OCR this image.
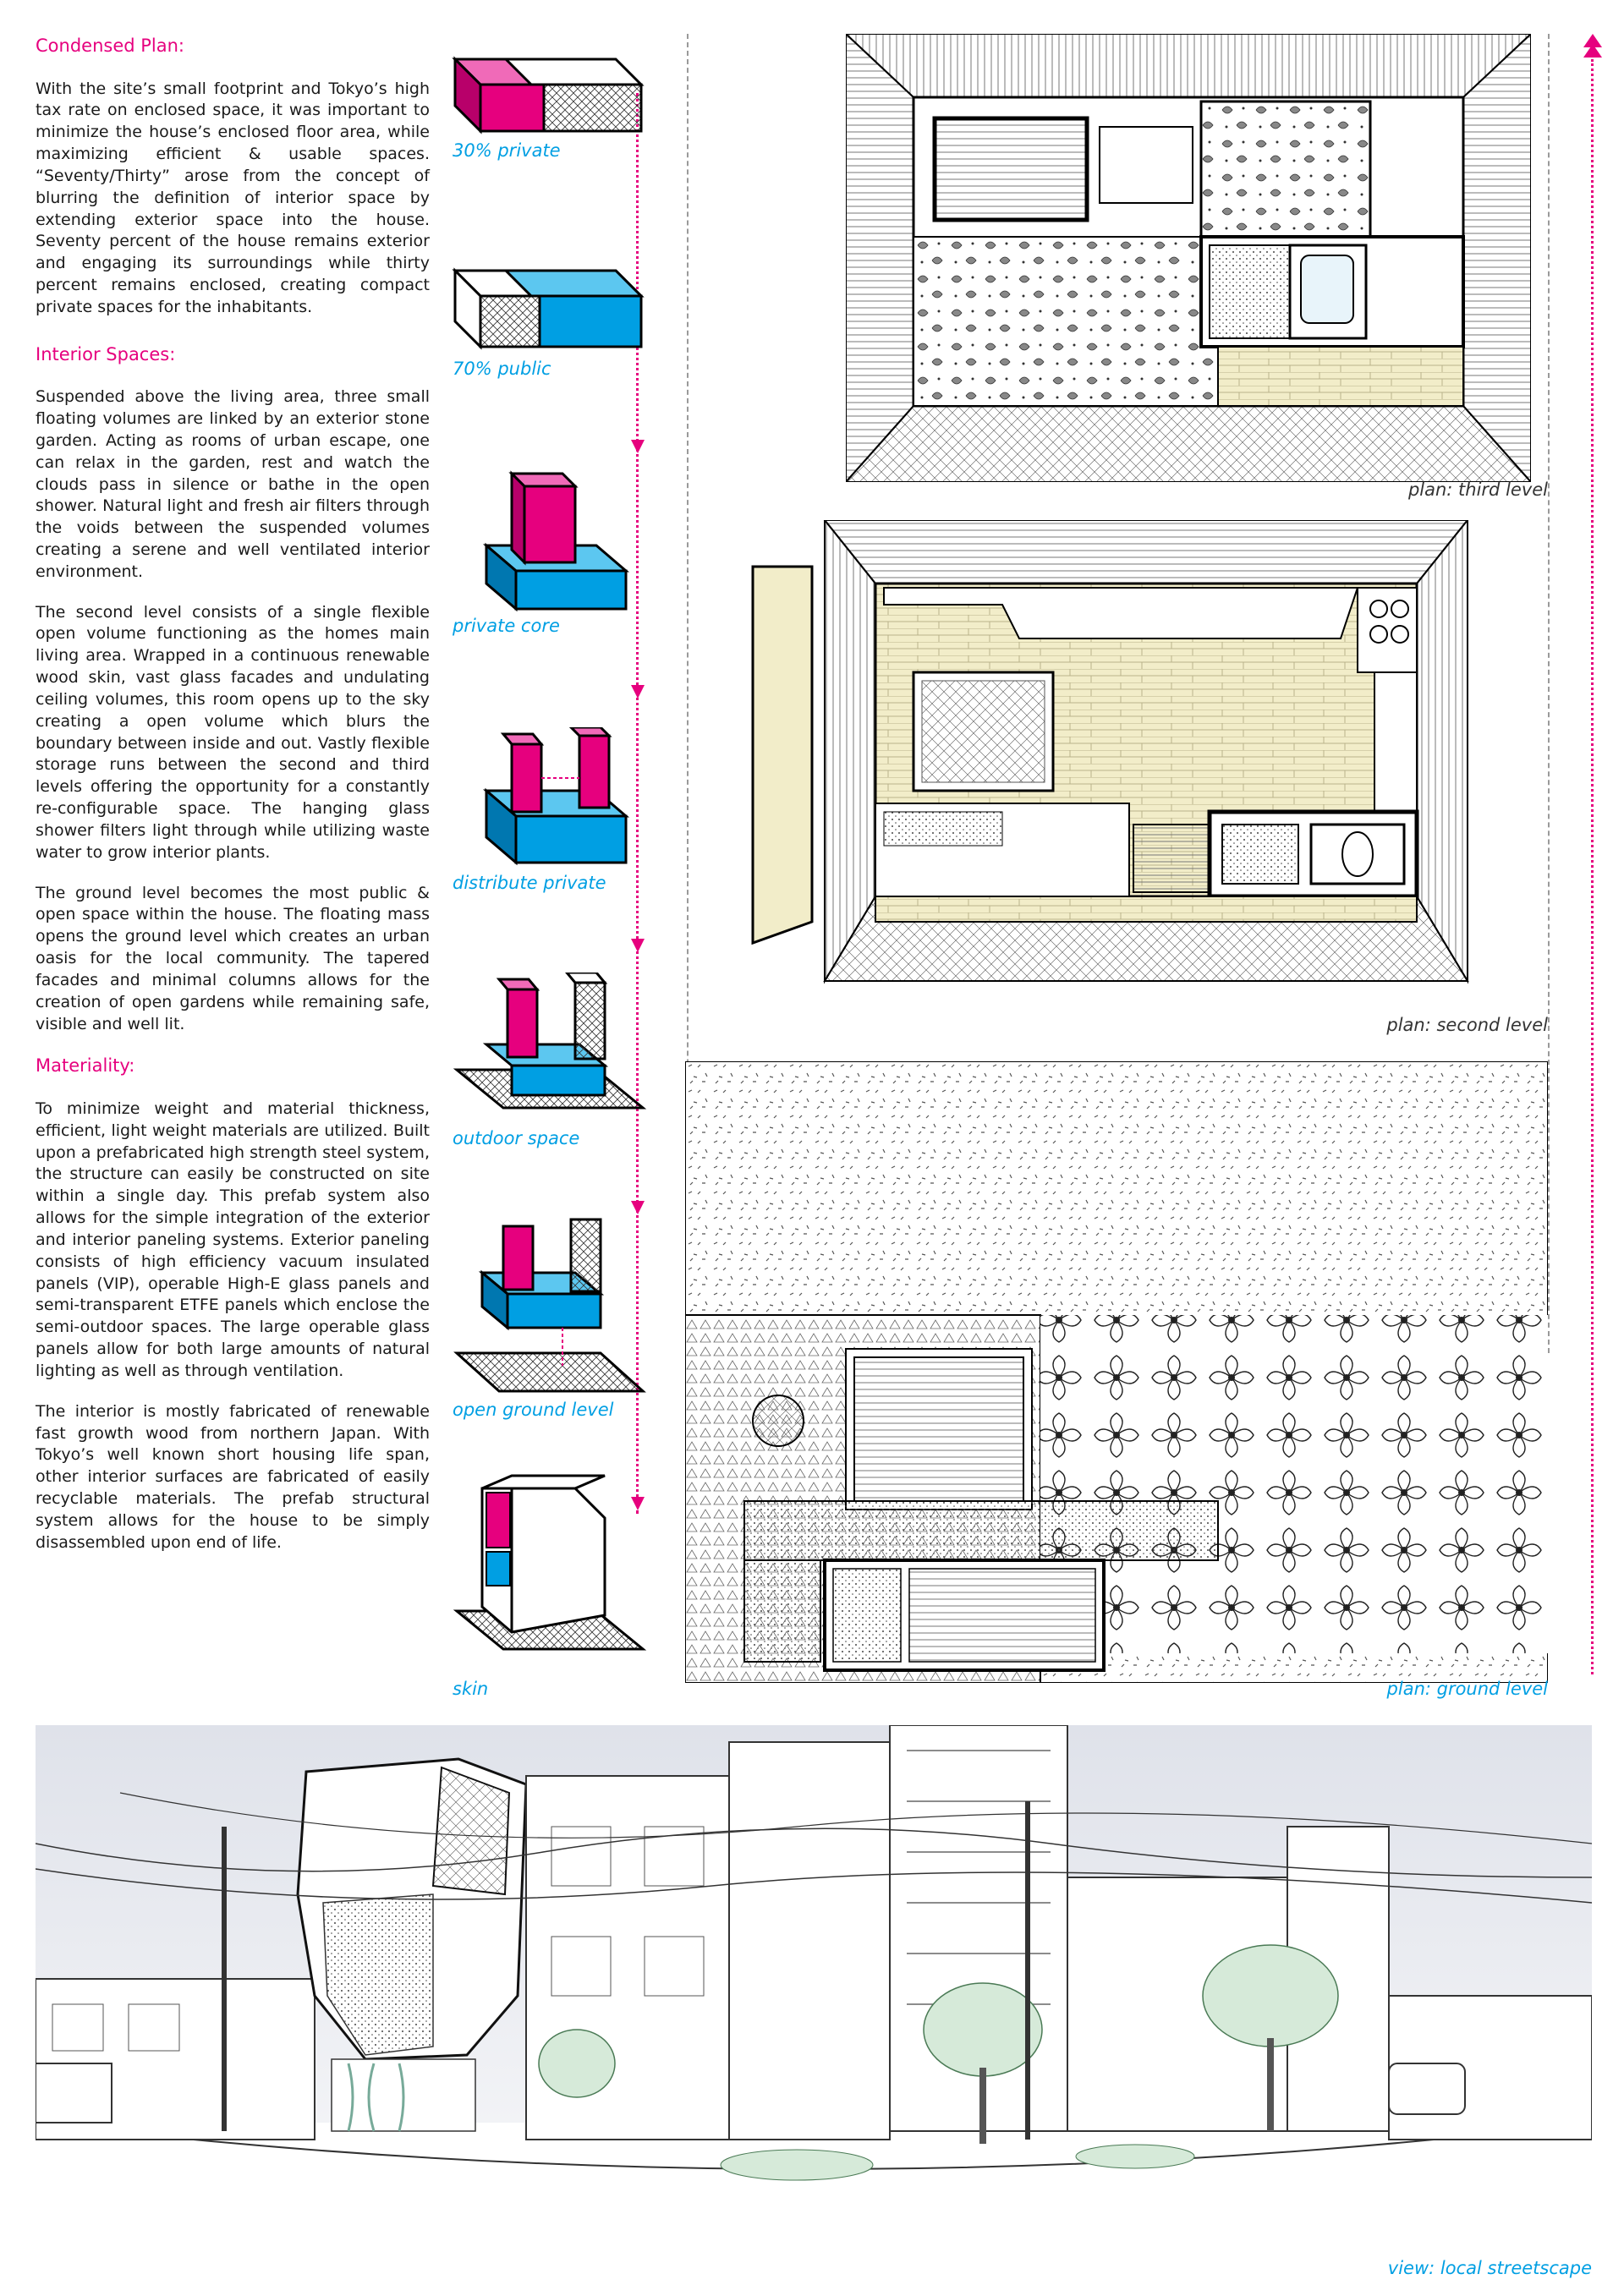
Condensed Plan:

With the site’s small footprint and Tokyo’s high tax rate on enclosed space, it was important to minimize the house’s enclosed floor area, while maximizing efficient & usable spaces. “Seventy/Thirty” arose from the concept of blurring the definition of interior space by extending exterior space into the house. Seventy percent of the house remains exterior and engaging its surroundings while thirty percent remains enclosed, creating compact private spaces for the inhabitants.

Interior Spaces:

Suspended above the living area, three small floating volumes are linked by an exterior stone garden. Acting as rooms of urban escape, one can relax in the garden, rest and watch the clouds pass in silence or bathe in the open shower. Natural light and fresh air filters through the voids between the suspended volumes creating a serene and well ventilated interior environment.

The second level consists of a single flexible open volume functioning as the homes main living area. Wrapped in a continuous renewable wood skin, vast glass facades and undulating ceiling volumes, this room opens up to the sky creating a open volume which blurs the boundary between inside and out. Vastly flexible storage runs between the second and third levels offering the opportunity for a constantly re-configurable space. The hanging glass shower filters light through while utilizing waste water to grow interior plants.

The ground level becomes the most public & open space within the house. The floating mass opens the ground level which creates an urban oasis for the local community. The tapered facades and minimal columns allows for the creation of open gardens while remaining safe, visible and well lit.

Materiality:

To minimize weight and material thickness, efficient, light weight materials are utilized. Built upon a prefabricated high strength steel system, the structure can easily be constructed on site within a single day. This prefab system also allows for the simple integration of the exterior and interior paneling systems. Exterior paneling consists of high efficiency vacuum insulated panels (VIP), operable High-E glass panels and semi-transparent ETFE panels which enclose the semi-outdoor spaces. The large operable glass panels allow for both large amounts of natural lighting as well as through ventilation.

The interior is mostly fabricated of renewable fast growth wood from northern Japan. With Tokyo’s well known short housing life span, other interior surfaces are fabricated of easily recyclable materials. The prefab structural system allows for the house to be simply disassembled upon end of life.

30% private
70% public
private core
distribute private
outdoor space
open ground level
skin
plan: third level
plan: second level
plan: ground level
view: local streetscape
